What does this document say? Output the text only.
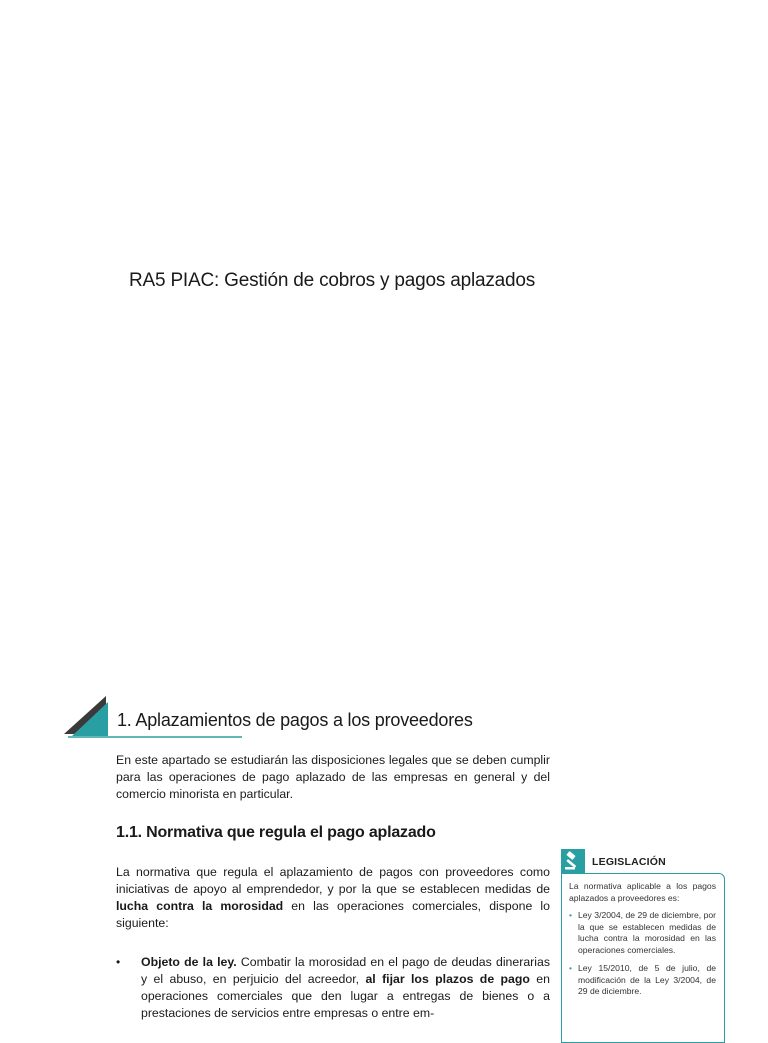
RA5 PIAC: Gestión de cobros y pagos aplazados
1. Aplazamientos de pagos a los proveedores

En este apartado se estudiarán las disposiciones legales que se deben cumplir para las operaciones de pago aplazado de las empresas en general y del comercio minorista en particular.

1.1. Normativa que regula el pago aplazado

La normativa que regula el aplazamiento de pagos con proveedores como iniciativas de apoyo al emprendedor, y por la que se establecen medidas de lucha contra la morosidad en las operaciones comerciales, dispone lo siguiente:

• Objeto de la ley. Combatir la morosidad en el pago de deudas dinerarias y el abuso, en perjuicio del acreedor, al fijar los plazos de pago en operaciones comerciales que den lugar a entregas de bienes o a prestaciones de servicios entre empresas o entre em-
LEGISLACIÓN

La normativa aplicable a los pagos aplazados a proveedores es:

• Ley 3/2004, de 29 de diciembre, por la que se establecen medidas de lucha contra la morosidad en las operaciones comerciales.
• Ley 15/2010, de 5 de julio, de modificación de la Ley 3/2004, de 29 de diciembre.
